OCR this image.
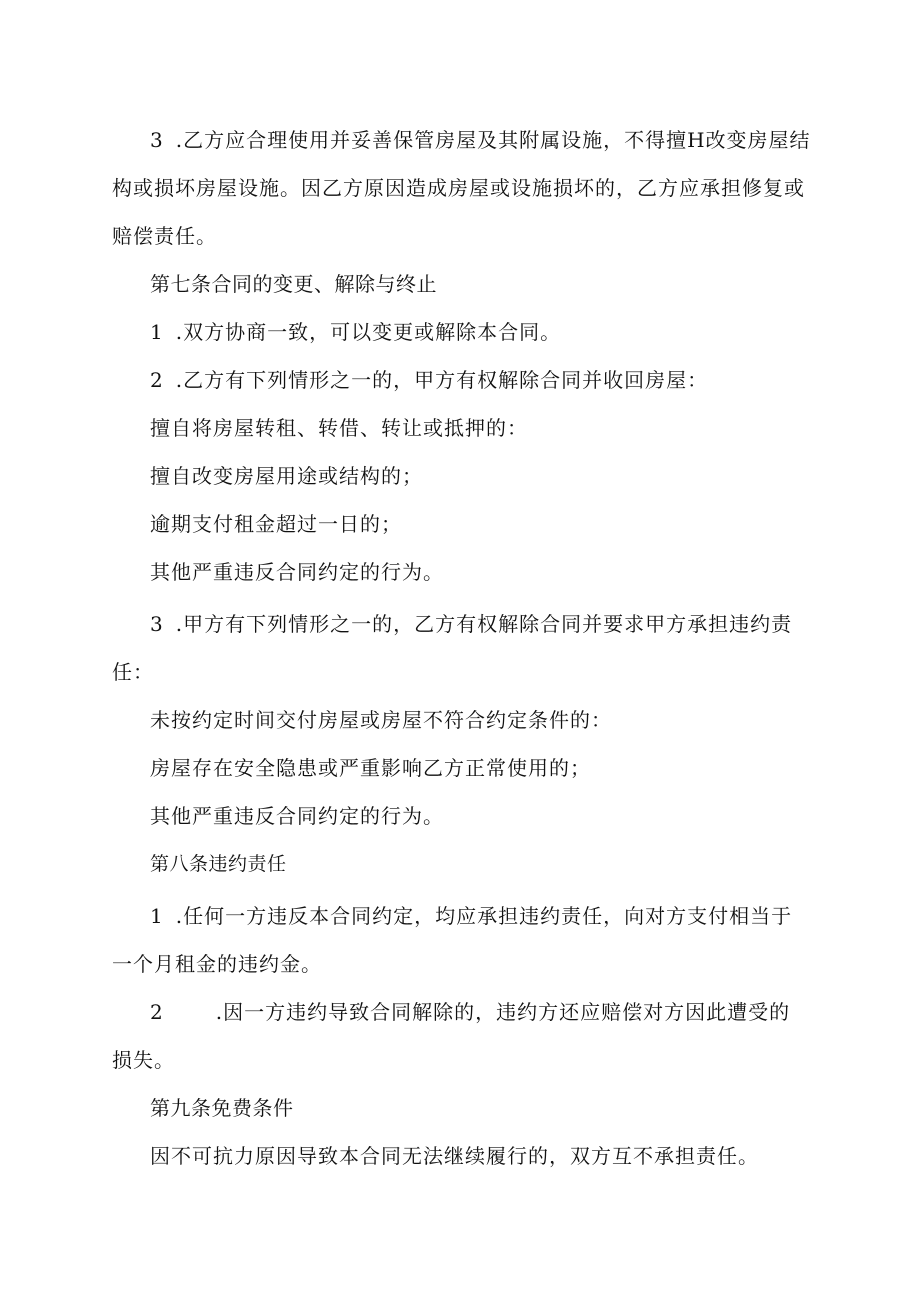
3 .乙方应合理使用并妥善保管房屋及其附属设施，不得擅H改变房屋结
构或损坏房屋设施。因乙方原因造成房屋或设施损坏的，乙方应承担修复或
赔偿责任。
第七条合同的变更、解除与终止
1 .双方协商一致，可以变更或解除本合同。
2 .乙方有下列情形之一的，甲方有权解除合同并收回房屋：
擅自将房屋转租、转借、转让或抵押的：
擅自改变房屋用途或结构的；
逾期支付租金超过一日的；
其他严重违反合同约定的行为。
3 .甲方有下列情形之一的，乙方有权解除合同并要求甲方承担违约责
任：
未按约定时间交付房屋或房屋不符合约定条件的：
房屋存在安全隐患或严重影响乙方正常使用的；
其他严重违反合同约定的行为。
第八条违约责任
1 .任何一方违反本合同约定，均应承担违约责任，向对方支付相当于
一个月租金的违约金。
2	.因一方违约导致合同解除的，违约方还应赔偿对方因此遭受的
损失。
第九条免费条件
因不可抗力原因导致本合同无法继续履行的，双方互不承担责任。
